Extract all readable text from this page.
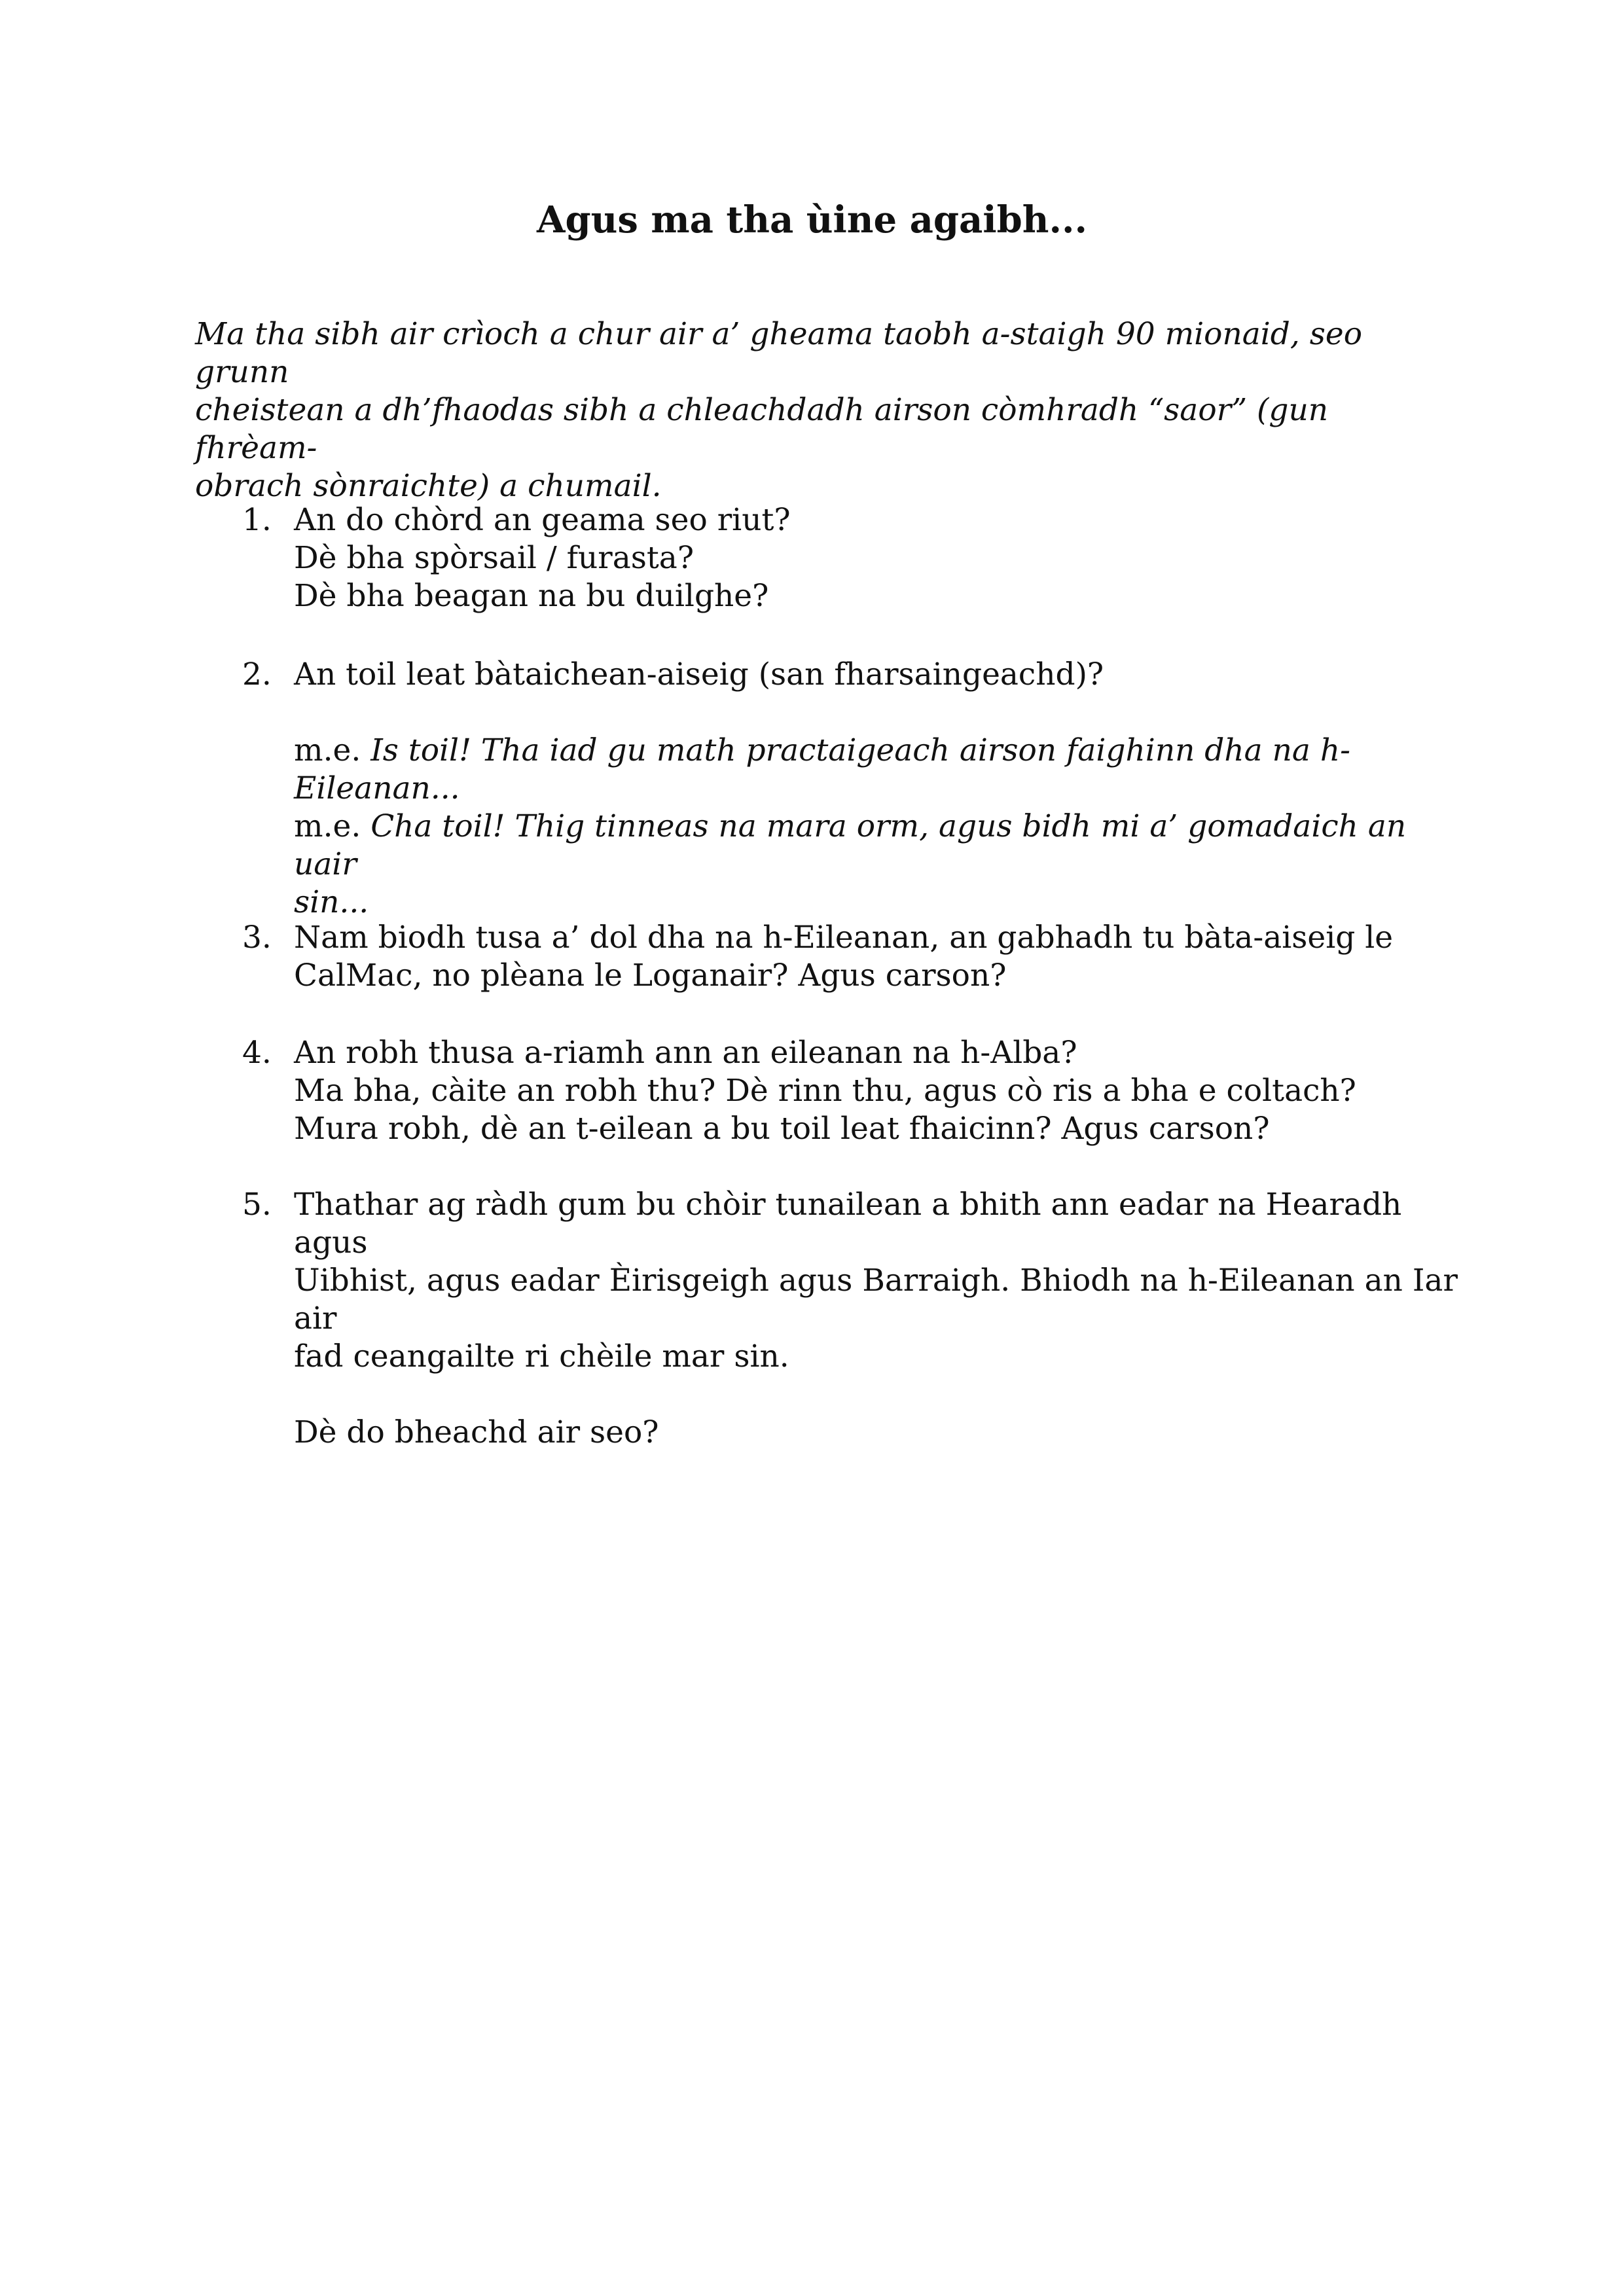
Agus ma tha ùine agaibh...

Ma tha sibh air crìoch a chur air a’ gheama taobh a-staigh 90 mionaid, seo grunn

cheistean a dh’fhaodas sibh a chleachdadh airson còmhradh “saor” (gun fhrèam-

obrach sònraichte) a chumail.

1. An do chòrd an geama seo riut?
Dè bha spòrsail / furasta?
Dè bha beagan na bu duilghe?
2. An toil leat bàtaichean-aiseig (san fharsaingeachd)?
m.e. Is toil! Tha iad gu math practaigeach airson faighinn dha na h-
Eileanan...
m.e. Cha toil! Thig tinneas na mara orm, agus bidh mi a’ gomadaich an uair
sin...
3. Nam biodh tusa a’ dol dha na h-Eileanan, an gabhadh tu bàta-aiseig le
CalMac, no plèana le Loganair? Agus carson?
4. An robh thusa a-riamh ann an eileanan na h-Alba?
Ma bha, càite an robh thu? Dè rinn thu, agus cò ris a bha e coltach?
Mura robh, dè an t-eilean a bu toil leat fhaicinn? Agus carson?
5. Thathar ag ràdh gum bu chòir tunailean a bhith ann eadar na Hearadh agus
Uibhist, agus eadar Èirisgeigh agus Barraigh. Bhiodh na h-Eileanan an Iar air
fad ceangailte ri chèile mar sin.
Dè do bheachd air seo?
